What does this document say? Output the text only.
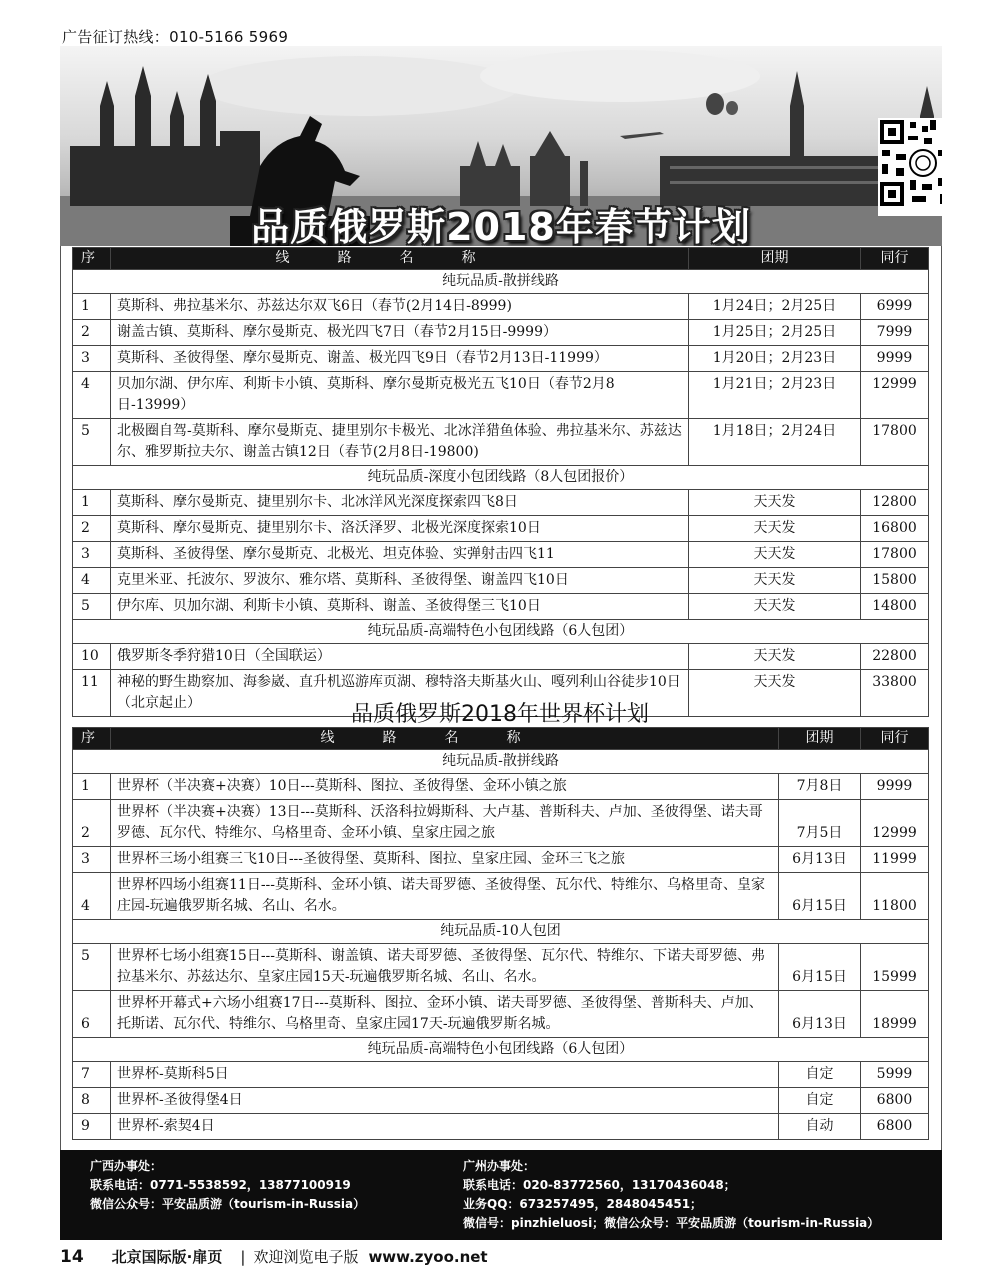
广告征订热线：010-5166 5969
品质俄罗斯2018年春节计划
序	线路名称	团期	同行
纯玩品质-散拼线路			
1	莫斯科、弗拉基米尔、苏兹达尔双飞6日（春节(2月14日-8999)	1月24日；2月25日	6999
2	谢盖古镇、莫斯科、摩尔曼斯克、极光四飞7日（春节2月15日-9999）	1月25日；2月25日	7999
3	莫斯科、圣彼得堡、摩尔曼斯克、谢盖、极光四飞9日（春节2月13日-11999）	1月20日；2月23日	9999
4	贝加尔湖、伊尔库、利斯卡小镇、莫斯科、摩尔曼斯克极光五飞10日（春节2月8日-13999）	1月21日；2月23日	12999
5	北极圈自驾-莫斯科、摩尔曼斯克、捷里别尔卡极光、北冰洋猎鱼体验、弗拉基米尔、苏兹达尔、雅罗斯拉夫尔、谢盖古镇12日（春节(2月8日-19800)	1月18日；2月24日	17800
纯玩品质-深度小包团线路（8人包团报价）			
1	莫斯科、摩尔曼斯克、捷里别尔卡、北冰洋风光深度探索四飞8日	天天发	12800
2	莫斯科、摩尔曼斯克、捷里别尔卡、洛沃泽罗、北极光深度探索10日	天天发	16800
3	莫斯科、圣彼得堡、摩尔曼斯克、北极光、坦克体验、实弹射击四飞11	天天发	17800
4	克里米亚、托波尔、罗波尔、雅尔塔、莫斯科、圣彼得堡、谢盖四飞10日	天天发	15800
5	伊尔库、贝加尔湖、利斯卡小镇、莫斯科、谢盖、圣彼得堡三飞10日	天天发	14800
纯玩品质-高端特色小包团线路（6人包团）			
10	俄罗斯冬季狩猎10日（全国联运）	天天发	22800
11	神秘的野生勘察加、海参崴、直升机巡游库页湖、穆特洛夫斯基火山、嘎列利山谷徒步10日（北京起止）	天天发	33800
品质俄罗斯2018年世界杯计划
序	线路名称	团期	同行
纯玩品质-散拼线路			
1	世界杯（半决赛+决赛）10日---莫斯科、图拉、圣彼得堡、金环小镇之旅	7月8日	9999
2	世界杯（半决赛+决赛）13日---莫斯科、沃洛科拉姆斯科、大卢基、普斯科夫、卢加、圣彼得堡、诺夫哥罗德、瓦尔代、特维尔、乌格里奇、金环小镇、皇家庄园之旅	7月5日	12999
3	世界杯三场小组赛三飞10日---圣彼得堡、莫斯科、图拉、皇家庄园、金环三飞之旅	6月13日	11999
4	世界杯四场小组赛11日---莫斯科、金环小镇、诺夫哥罗德、圣彼得堡、瓦尔代、特维尔、乌格里奇、皇家庄园-玩遍俄罗斯名城、名山、名水。	6月15日	11800
纯玩品质-10人包团			
5	世界杯七场小组赛15日---莫斯科、谢盖镇、诺夫哥罗德、圣彼得堡、瓦尔代、特维尔、下诺夫哥罗德、弗拉基米尔、苏兹达尔、皇家庄园15天-玩遍俄罗斯名城、名山、名水。	6月15日	15999
6	世界杯开幕式+六场小组赛17日---莫斯科、图拉、金环小镇、诺夫哥罗德、圣彼得堡、普斯科夫、卢加、托斯诺、瓦尔代、特维尔、乌格里奇、皇家庄园17天-玩遍俄罗斯名城。	6月13日	18999
纯玩品质-高端特色小包团线路（6人包团）			
7	世界杯-莫斯科5日	自定	5999
8	世界杯-圣彼得堡4日	自定	6800
9	世界杯-索契4日	自动	6800
广西办事处：
联系电话：0771-5538592，13877100919
微信公众号：平安品质游（tourism-in-Russia）
广州办事处：
联系电话：020-83772560，13170436048；
业务QQ：673257495，2848045451；
微信号：pinzhieluosi；微信公众号：平安品质游（tourism-in-Russia）
14 北京国际版·扉页 | 欢迎浏览电子版 www.zyoo.net
